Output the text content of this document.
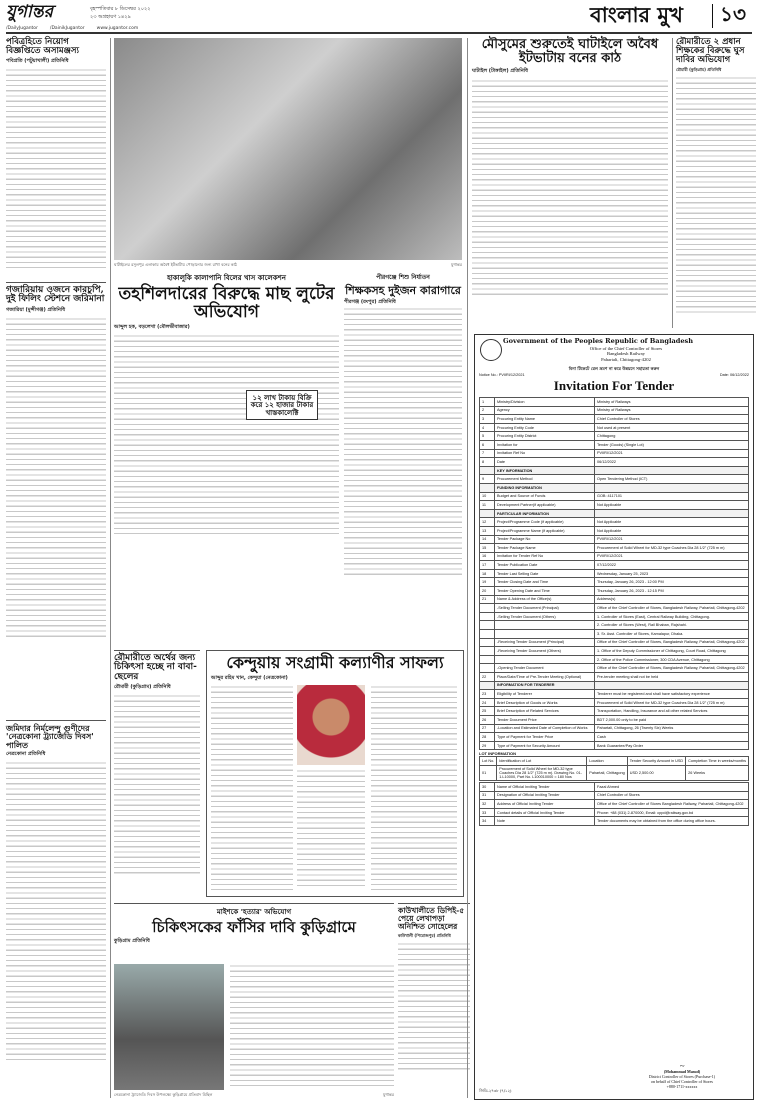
যুগান্তর	বৃহস্পতিবার ৮ ডিসেম্বর ২০২২
২৩ অগ্রহায়ণ ১৪২৯
/DailyJugantor	/DainikJugantor	www.jugantor.com
বাংলার মুখ	১৩
পবিত্রহিতে নিয়োগ বিজ্ঞপ্তিতে অসামঞ্জস্য
পবিপ্রতি (পটুয়াখালী) প্রতিনিধি
গজারিয়ায় ওজনে কারচুপি, দুই ফিলিং স্টেশনে জরিমানা
গজারিয়া (মুন্সীগঞ্জ) প্রতিনিধি
জমিদার নির্মলেন্দু গুণীদের 'নেত্রকোনা ট্র্যাজেডি দিবস' পালিত
নেত্রকোনা প্রতিনিধি
ঘাটাইলের রসুলপুর এলাকায় অবৈধ ইটভাটায় পোড়ানোর জন্য রাখা বনের কাঠ	যুগান্তর
হাকালুকি কালাপানি বিলের খাস কালেকশন
তহশিলদারের বিরুদ্ধে মাছ লুটের অভিযোগ
আব্দুল হক, বড়লেখা (মৌলভীবাজার)
১২ লাখ টাকায় বিক্রি করে ১২ হাজার টাকার খাস্তকালেক্টি
পীরগঞ্জে শিশু নির্যাতন
শিক্ষকসহ দুইজন কারাগারে
পীরগঞ্জ (রংপুর) প্রতিনিধি
রৌমারীতে অর্থের জন্য চিকিৎসা হচ্ছে না বাবা-ছেলের
রৌমারী (কুড়িগ্রাম) প্রতিনিধি
কেন্দুয়ায় সংগ্রামী কল্যাণীর সাফল্য
আব্দুর রহিম খান, কেন্দুয়া (নেত্রকোনা)
মাইশকে 'হত্যার' অভিযোগ
চিকিৎসকের ফাঁসির দাবি কুড়িগ্রামে
কুড়িগ্রাম প্রতিনিধি
নেত্রকোনা ট্র্যাজেডি দিবস উপলক্ষ্যে কুড়িগ্রামে প্রতিবাদ মিছিল	যুগান্তর
কাউখালীতে ডিপিই-৫ পেয়ে লেখাপড়া অনিশ্চিত সোহেলের
কাউখালী (পিরোজপুর) প্রতিনিধি
মৌসুমের শুরুতেই ঘাটাইলে অবৈধ ইটভাটায় বনের কাঠ
ঘাটাইল (টাঙ্গাইল) প্রতিনিধি
রৌমারীতে ২ প্রধান শিক্ষকের বিরুদ্ধে ঘুস দাবির অভিযোগ
রৌমারী (কুড়িগ্রাম) প্রতিনিধি
Government of the Peoples Republic of Bangladesh
Office of the Chief Controller of Stores
Bangladesh Railway
Pahartali, Chittagong-4202
বিনা টিকেটে রেল ভ্রমণ না করে উন্নয়নে সহায়তা করুন
Notice No.: PVIIRI/12/2021	Date: 06/12/2022
Invitation For Tender
1	Ministry/Division	Ministry of Railways
2	Agency	Ministry of Railways
3	Procuring Entity Name	Chief Controller of Stores
4	Procuring Entity Code	Not used at present
5	Procuring Entity District	Chittagong
6	Invitation for	Tender (Goods) (Single Lot)
7	Invitation Ref No	PVIIRI/12/2021
8	Date	06/12/2022
	KEY INFORMATION	
9	Procurement Method	Open Tendering Method (ICT)
	FUNDING INFORMATION	
10	Budget and Source of Funds	GOB: 4117101
11	Development Partner(if applicable)	Not Applicable
	PARTICULAR INFORMATION	
12	Project/Programme Code (if applicable)	Not Applicable
13	Project/Programme Name (if applicable)	Not Applicable
14	Tender Package No	PVIIRI/12/2021
15	Tender Package Name	Procurement of Solid Wheel for MD-32 type Coaches Dia 28 1/2" (725 m m)
16	Invitation for Tender Ref No	PVIIRI/12/2021
17	Tender Publication Date	07/12/2022
18	Tender Last Selling Date	Wednesday, January 25, 2023
19	Tender Closing Date and Time	Thursday, January 26, 2023 - 12:00 PM
20	Tender Opening Date and Time	Thursday, January 26, 2023 - 12:15 PM
21	Name & Address of the Office(s)	Address(s)
	-Selling Tender Document (Principal)	Office of the Chief Controller of Stores, Bangladesh Railway, Pahartali, Chittagong-4202
	-Selling Tender Document (Others)	1. Controller of Stores (East), Central Railway Building, Chittagong.
		2. Controller of Stores (West), Rail Bhaban, Rajshahi.
		3. Sr. Asst. Controller of Stores, Kamalapur, Dhaka.
	-Receiving Tender Document (Principal)	Office of the Chief Controller of Stores, Bangladesh Railway, Pahartali, Chittagong-4202
	-Receiving Tender Document (Others)	1. Office of the Deputy Commissioner of Chittagong, Court Road, Chittagong
		2. Office of the Police Commissioner, 300 CDA Avenue, Chittagong
	-Opening Tender Document	Office of the Chief Controller of Stores, Bangladesh Railway, Pahartali, Chittagong-4202
22	Place/Date/Time of Pre-Tender Meeting (Optional)	Pre-tender meeting shall not be held
	INFORMATION FOR TENDERER	
23	Eligibility of Tenderer	Tenderer must be registered and shall have satisfactory experience
24	Brief Description of Goods or Works	Procurement of Solid Wheel for MD-32 type Coaches Dia 28 1/2" (725 m m)
25	Brief Description of Related Services	Transportation, Handling, Insurance and all other related Services
26	Tender Document Price	BDT 2,000.00 only to be paid
27	-Location and Estimated Date of Completion of Works	Pahartali, Chittagong, 26 (Twenty Six) Weeks
28	Type of Payment for Tender Price	Cash
29	Type of Payment for Security Amount	Bank Guarantee/Pay Order
LOT INFORMATION
Lot No.	Identification of Lot	Location	Tender Security Amount in USD	Completion Time in weeks/months
01	Procurement of Solid Wheel for MD-32 type Coaches Dia 28 1/2" (725 m m). Drawing No. 01-1.L10000, Part No. L100010000 = 180 Nos	Pahartali, Chittagong	USD 2,500.00	26 Weeks
30	Name of Official Inviting Tender	Fazal Ahmed
31	Designation of Official Inviting Tender	Chief Controller of Stores
32	Address of Official Inviting Tender	Office of the Chief Controller of Stores Bangladesh Railway, Pahartali, Chittagong-4202
33	Contact details of Official Inviting Tender	Phone: +88 (031) 2-870000, Email: cppd@railway.gov.bd
34	Note	Tender documents may be obtained from the office during office hours.
~
(Mohammad Masud)
District Controller of Stores (Purchase-1)
on behalf of Chief Controller of Stores
+880-1711-xxxxxx
জিডি-২৭৩৮ (৭/১২)
